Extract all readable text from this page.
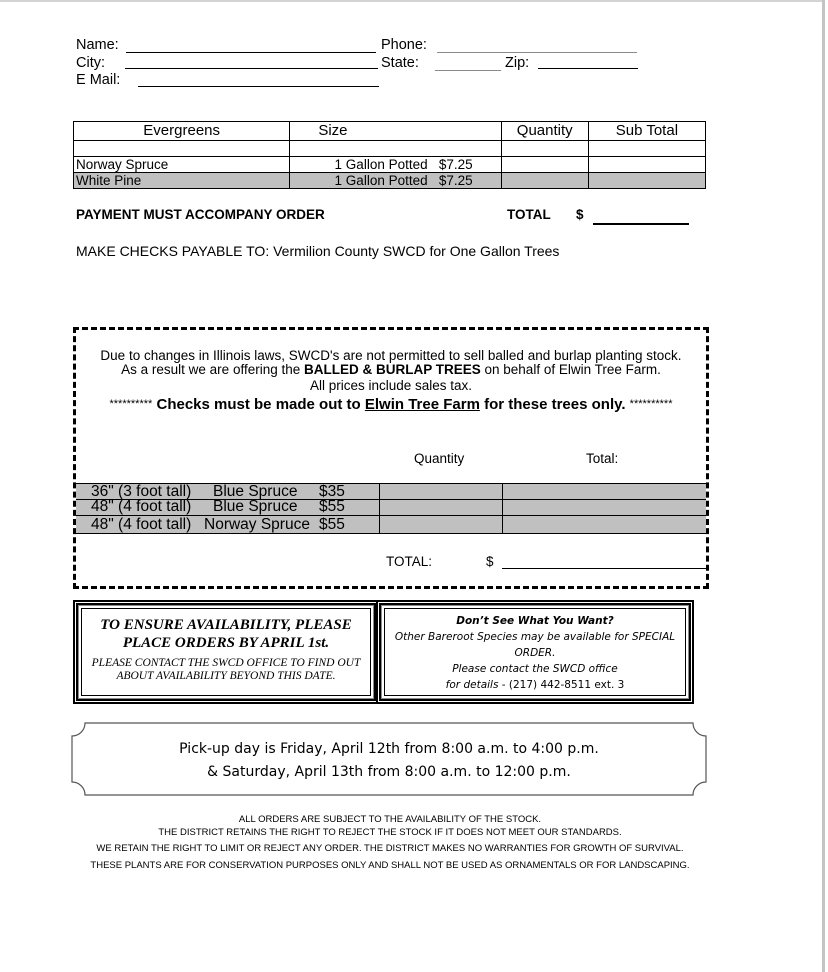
Name:	Phone:
City:	State:	Zip:
E Mail:
Evergreens	Size	Quantity	Sub Total

Norway Spruce	1 Gallon Potted   $7.25		
White Pine	1 Gallon Potted   $7.25		
PAYMENT MUST ACCOMPANY ORDER	TOTAL $
MAKE CHECKS PAYABLE TO: Vermilion County SWCD for One Gallon Trees
Due to changes in Illinois laws, SWCD's are not permitted to sell balled and burlap planting stock.
As a result we are offering the BALLED & BURLAP TREES on behalf of Elwin Tree Farm.
All prices include sales tax.
********** Checks must be made out to Elwin Tree Farm for these trees only. **********
Quantity	Total:
36" (3 foot tall) Blue Spruce $35		

48" (4 foot tall) Blue Spruce $55		

48" (4 foot tall) Norway Spruce $55		

TOTAL:	$
TO ENSURE AVAILABILITY, PLEASE
PLACE ORDERS BY APRIL 1st.
PLEASE CONTACT THE SWCD OFFICE TO FIND OUT
ABOUT AVAILABILITY BEYOND THIS DATE.
Don’t See What You Want?
Other Bareroot Species may be available for SPECIAL
ORDER.
Please contact the SWCD office
for details - (217) 442-8511 ext. 3
Pick-up day is Friday, April 12th from 8:00 a.m. to 4:00 p.m.
& Saturday, April 13th from 8:00 a.m. to 12:00 p.m.
ALL ORDERS ARE SUBJECT TO THE AVAILABILITY OF THE STOCK.
THE DISTRICT RETAINS THE RIGHT TO REJECT THE STOCK IF IT DOES NOT MEET OUR STANDARDS.
WE RETAIN THE RIGHT TO LIMIT OR REJECT ANY ORDER. THE DISTRICT MAKES NO WARRANTIES FOR GROWTH OF SURVIVAL.
THESE PLANTS ARE FOR CONSERVATION PURPOSES ONLY AND SHALL NOT BE USED AS ORNAMENTALS OR FOR LANDSCAPING.
